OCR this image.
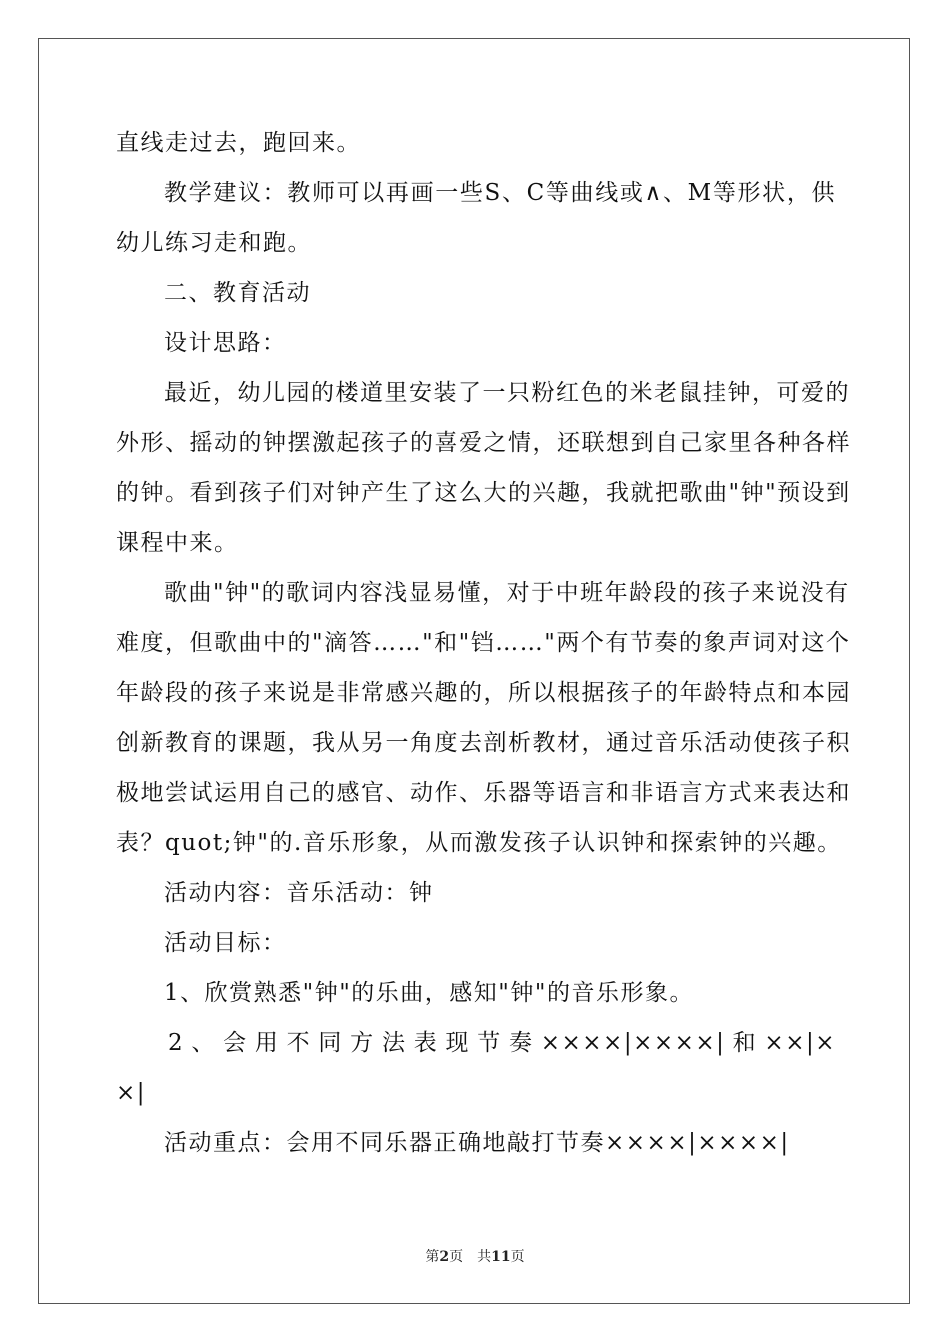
直线走过去，跑回来。
教学建议：教师可以再画一些S、C等曲线或∧、M等形状，供
幼儿练习走和跑。
二、教育活动
设计思路：
最近，幼儿园的楼道里安装了一只粉红色的米老鼠挂钟，可爱的
外形、摇动的钟摆激起孩子的喜爱之情，还联想到自己家里各种各样
的钟。看到孩子们对钟产生了这么大的兴趣，我就把歌曲"钟"预设到
课程中来。
歌曲"钟"的歌词内容浅显易懂，对于中班年龄段的孩子来说没有
难度，但歌曲中的"滴答……"和"铛……"两个有节奏的象声词对这个
年龄段的孩子来说是非常感兴趣的，所以根据孩子的年龄特点和本园
创新教育的课题，我从另一角度去剖析教材，通过音乐活动使孩子积
极地尝试运用自己的感官、动作、乐器等语言和非语言方式来表达和
表？quot;钟"的.音乐形象，从而激发孩子认识钟和探索钟的兴趣。
活动内容：音乐活动：钟
活动目标：
1、欣赏熟悉"钟"的乐曲，感知"钟"的音乐形象。
2、会用不同方法表现节奏××××|××××|和××|×
×|
活动重点：会用不同乐器正确地敲打节奏××××|××××|
第2页 共11页
